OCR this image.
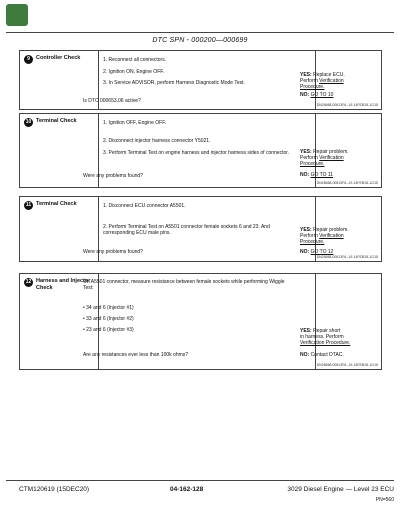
DTC SPN - 000200—000699
9	Controller Check
DN26668,00813FA -19-14FEB18-1/215
1. Reconnect all connectors.
2. Ignition ON, Engine OFF.
3. In Service ADVISOR, perform Harness Diagnostic Mode Test.
Is DTC 000653.06 active?
YES: Replace ECU.
Perform Verification
Procedure.
NO: GO TO 10
10 Terminal Check
DN26668,00813FA -19-14FEB18-1/215
1. Ignition OFF, Engine OFF.
2. Disconnect injector harness connector Y5021.
3. Perform Terminal Test on engine harness and injector harness sides of connector.
Were any problems found?
YES: Repair problem.
Perform Verification
Procedure.
NO: GO TO 11
11 Terminal Check
DN26668,00813FA -19-14FEB18-1/215
1. Disconnect ECU connector A5501.
2. Perform Terminal Test on A5501 connector female sockets 6 and 23. And corresponding ECU male pins.
Were any problems found?
YES: Repair problem.
Perform Verification
Procedure.
NO: GO TO 12
12 Harness and Injector Check
DN26668,00813FA -19-14FEB18-1/215
On A5501 connector, measure resistance between female sockets while performing Wiggle Test:
• 34 and 6 (Injector #1)
• 33 and 6 (Injector #2)
• 23 and 6 (Injector #3)
Are any resistances ever less than 100k ohms?
YES: Repair short
in harness. Perform
Verification Procedure.
NO: Contact DTAC.
CTM120619 (15DEC20)	04-162-128	3029 Diesel Engine — Level 23 ECU
PN=560
